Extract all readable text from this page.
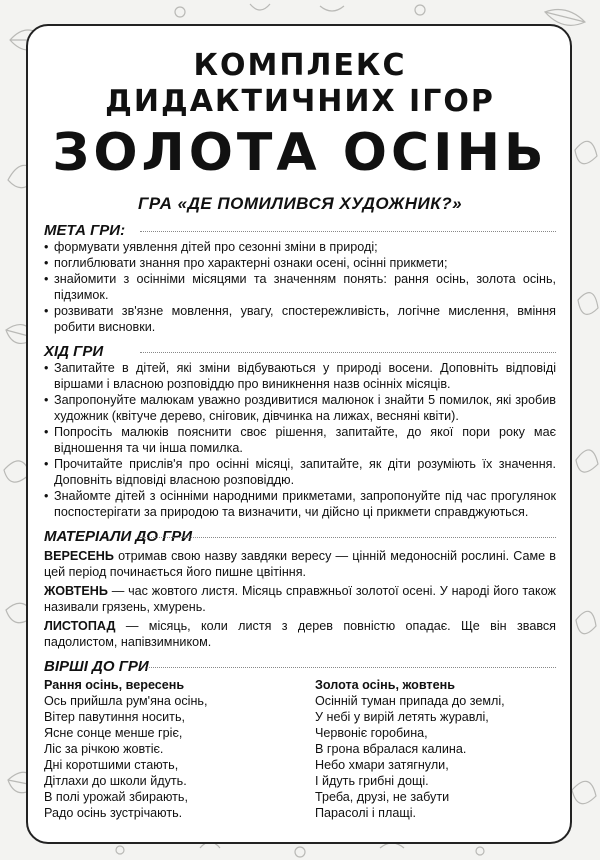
КОМПЛЕКС
ДИДАКТИЧНИХ ІГОР
ЗОЛОТА ОСІНЬ
ГРА «ДЕ ПОМИЛИВСЯ ХУДОЖНИК?»
МЕТА ГРИ:
• формувати уявлення дітей про сезонні зміни в природі;
• поглиблювати знання про характерні ознаки осені, осінні прикмети;
• знайомити з осінніми місяцями та значенням понять: рання осінь, золота осінь, підзимок.
• розвивати зв'язне мовлення, увагу, спостережливість, логічне мислення, вміння робити висновки.
ХІД ГРИ
• Запитайте в дітей, які зміни відбуваються у природі восени. Доповніть відповіді віршами і власною розповіддю про виникнення назв осінніх місяців.
• Запропонуйте малюкам уважно роздивитися малюнок і знайти 5 помилок, які зробив художник (квітуче дерево, сніговик, дівчинка на лижах, весняні квіти).
• Попросіть малюків пояснити своє рішення, запитайте, до якої пори року має відношення та чи інша помилка.
• Прочитайте прислів'я про осінні місяці, запитайте, як діти розуміють їх значення. Доповніть відповіді власною розповіддю.
• Знайомте дітей з осінніми народними прикметами, запропонуйте під час прогулянок поспостерігати за природою та визначити, чи дійсно ці прикмети справджуються.
МАТЕРІАЛИ ДО ГРИ

ВЕРЕСЕНЬ отримав свою назву завдяки вересу — цінній медоносній рослині. Саме в цей період починається його пишне цвітіння.

ЖОВТЕНЬ — час жовтого листя. Місяць справжньої золотої осені. У народі його також називали грязень, хмурень.

ЛИСТОПАД — місяць, коли листя з дерев повністю опадає. Ще він звався падолистом, напівзимником.

ВІРШІ ДО ГРИ
Рання осінь, вересень
Ось прийшла рум'яна осінь,
Вітер павутиння носить,
Ясне сонце менше гріє,
Ліс за річкою жовтіє.
Дні коротшими стають,
Дітлахи до школи йдуть.
В полі урожай збирають,
Радо осінь зустрічають.
Золота осінь, жовтень
Осінній туман припада до землі,
У небі у вирій летять журавлі,
Червоніє горобина,
В грона вбралася калина.
Небо хмари затягнули,
І йдуть грибні дощі.
Треба, друзі, не забути
Парасолі і плащі.
